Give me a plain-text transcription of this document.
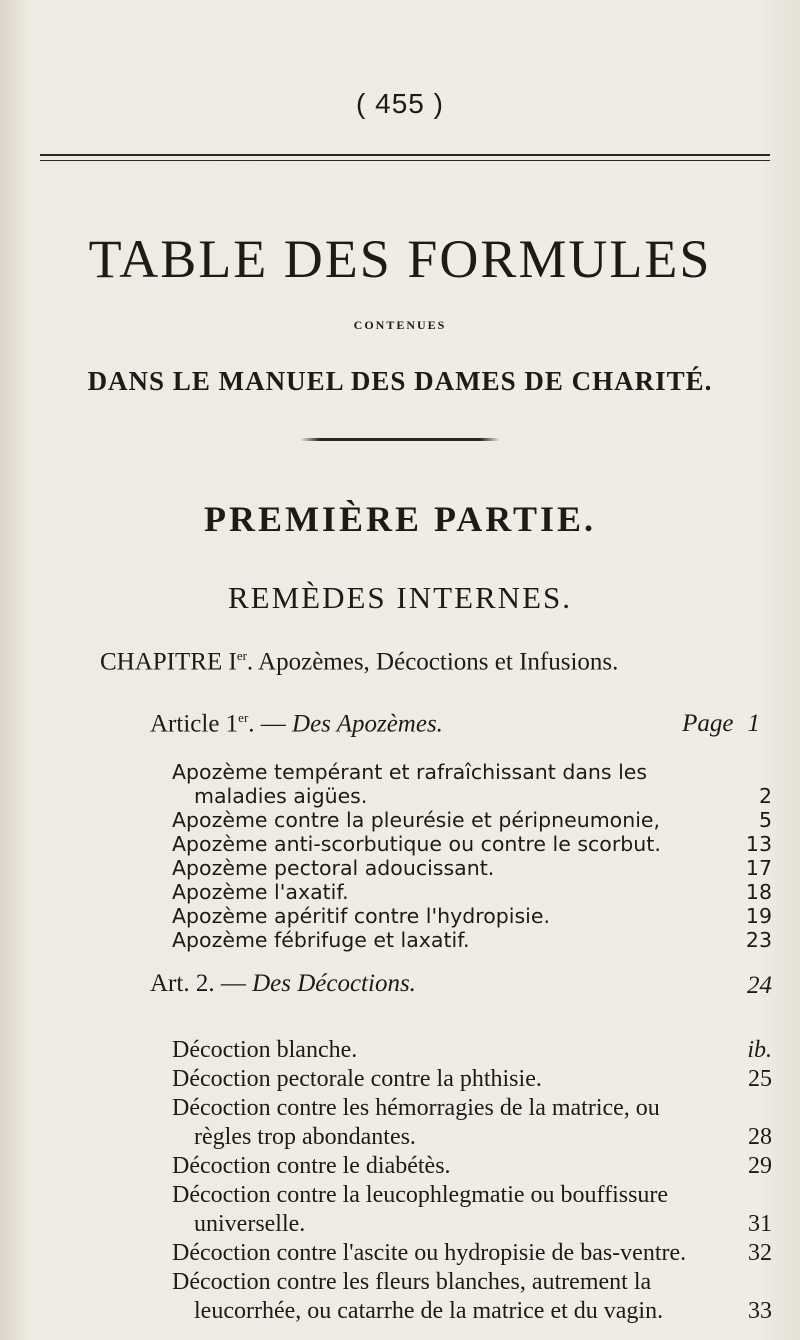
( 455 )
TABLE DES FORMULES
CONTENUES
DANS LE MANUEL DES DAMES DE CHARITÉ.
PREMIÈRE PARTIE.
REMÈDES INTERNES.
CHAPITRE Ier. Apozèmes, Décoctions et Infusions.
Article 1er. — Des Apozèmes.	Page 1
Apozème tempérant et rafraîchissant dans les maladies aigües.	2
Apozème contre la pleurésie et péripneumonie,	5
Apozème anti-scorbutique ou contre le scorbut.	13
Apozème pectoral adoucissant.	17
Apozème l'axatif.	18
Apozème apéritif contre l'hydropisie.	19
Apozème fébrifuge et laxatif.	23
Art. 2. — Des Décoctions.	24
Décoction blanche.	ib.
Décoction pectorale contre la phthisie.	25
Décoction contre les hémorragies de la matrice, ou règles trop abondantes.	28
Décoction contre le diabétès.	29
Décoction contre la leucophlegmatie ou bouffissure universelle.	31
Décoction contre l'ascite ou hydropisie de bas-ventre.	32
Décoction contre les fleurs blanches, autrement la leucorrhée, ou catarrhe de la matrice et du vagin.	33
